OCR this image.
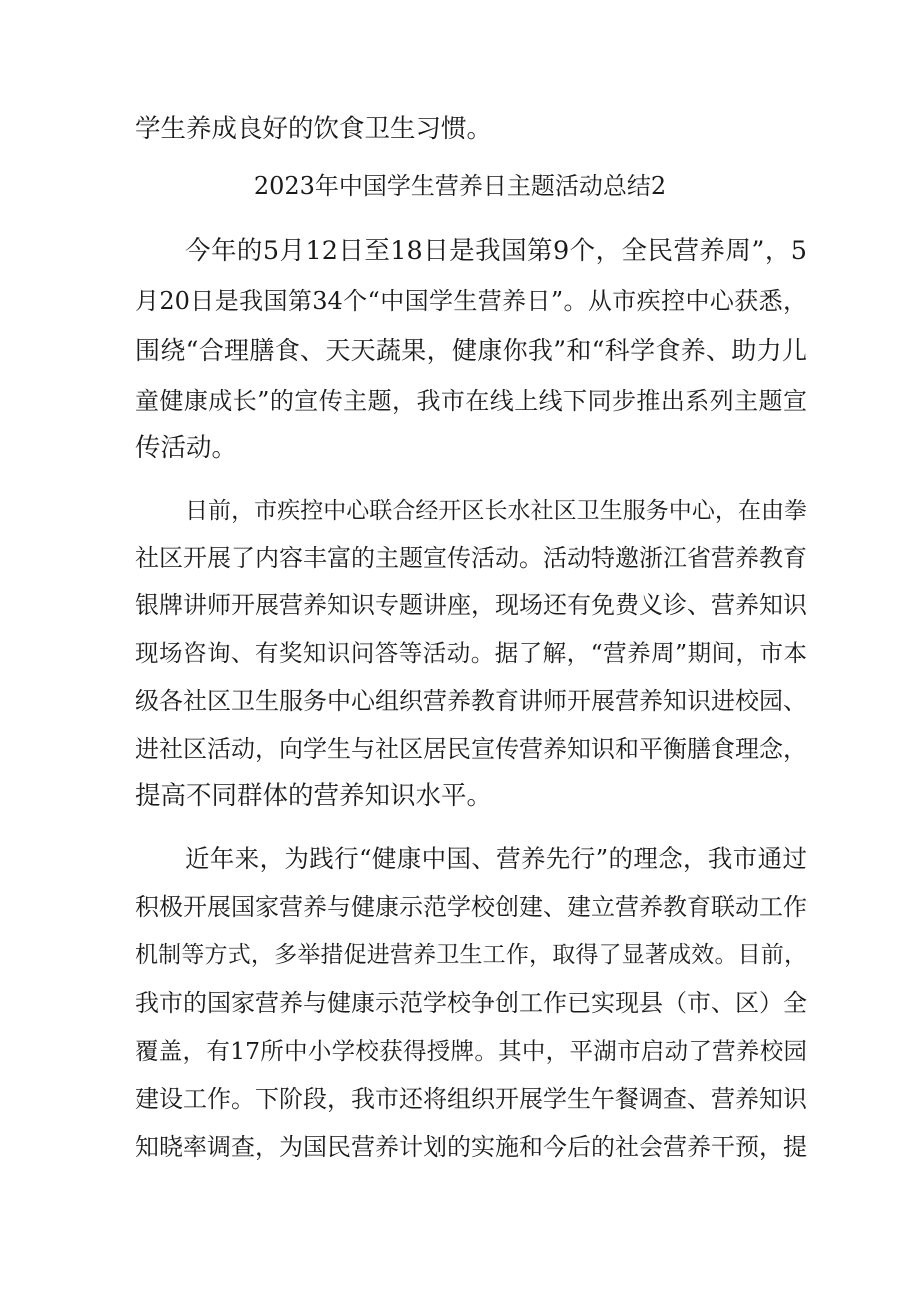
学生养成良好的饮食卫生习惯。
2023年中国学生营养日主题活动总结2
今年的5月12日至18日是我国第9个，全民营养周”，5
月20日是我国第34个“中国学生营养日”。从市疾控中心获悉，
围绕“合理膳食、天天蔬果，健康你我”和“科学食养、助力儿
童健康成长”的宣传主题，我市在线上线下同步推出系列主题宣
传活动。
日前，市疾控中心联合经开区长水社区卫生服务中心，在由拳
社区开展了内容丰富的主题宣传活动。活动特邀浙江省营养教育
银牌讲师开展营养知识专题讲座，现场还有免费义诊、营养知识
现场咨询、有奖知识问答等活动。据了解，“营养周”期间，市本
级各社区卫生服务中心组织营养教育讲师开展营养知识进校园、
进社区活动，向学生与社区居民宣传营养知识和平衡膳食理念，
提高不同群体的营养知识水平。
近年来，为践行“健康中国、营养先行”的理念，我市通过
积极开展国家营养与健康示范学校创建、建立营养教育联动工作
机制等方式，多举措促进营养卫生工作，取得了显著成效。目前，
我市的国家营养与健康示范学校争创工作已实现县（市、区）全
覆盖，有17所中小学校获得授牌。其中，平湖市启动了营养校园
建设工作。下阶段，我市还将组织开展学生午餐调查、营养知识
知晓率调查，为国民营养计划的实施和今后的社会营养干预，提
